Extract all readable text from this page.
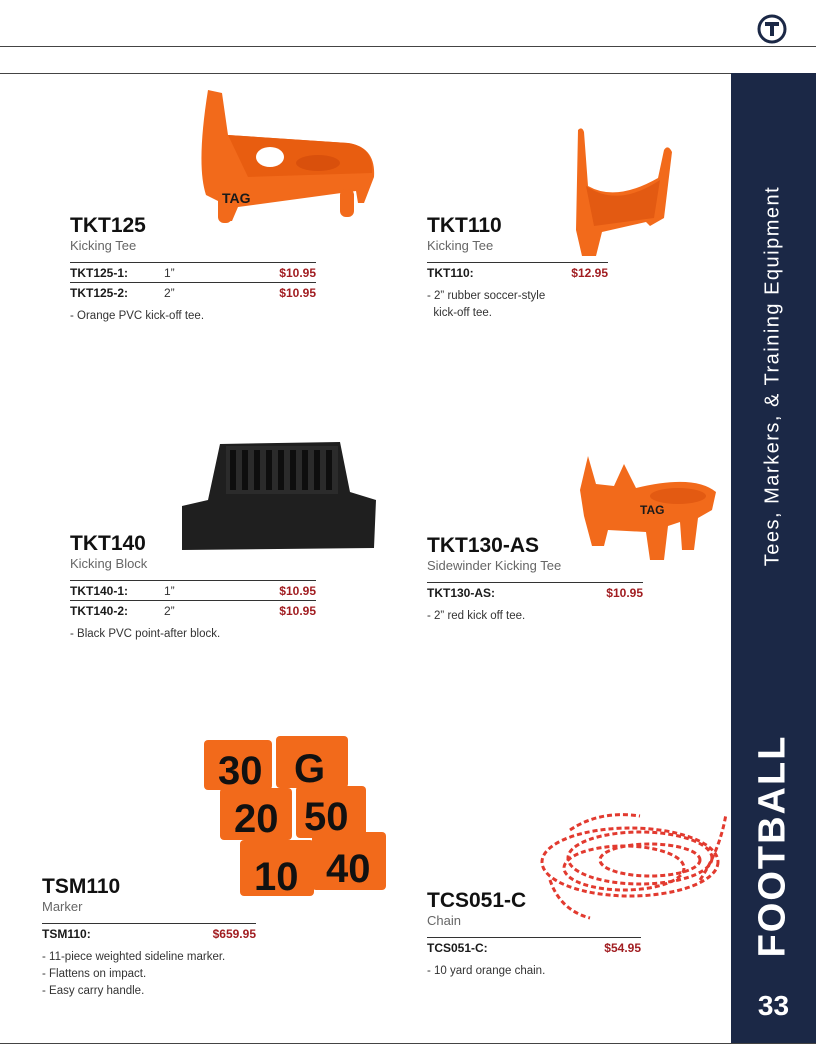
Tees, Markers, & Training Equipment
FOOTBALL
33
TAG
TAG
30 G
20 50
10 40
TKT125
Kicking Tee
TKT125-1:	1”	$10.95
TKT125-2:	2”	$10.95
- Orange PVC kick-off tee.
TKT110
Kicking Tee
TKT110:	$12.95
- 2” rubber soccer-style
kick-off tee.
TKT140
Kicking Block
TKT140-1:	1”	$10.95
TKT140-2:	2”	$10.95
- Black PVC point-after block.
TKT130-AS
Sidewinder Kicking Tee
TKT130-AS:	$10.95
- 2” red kick off tee.
TSM110
Marker
TSM110:	$659.95
- 11-piece weighted sideline marker.
- Flattens on impact.
- Easy carry handle.
TCS051-C
Chain
TCS051-C:	$54.95
- 10 yard orange chain.
